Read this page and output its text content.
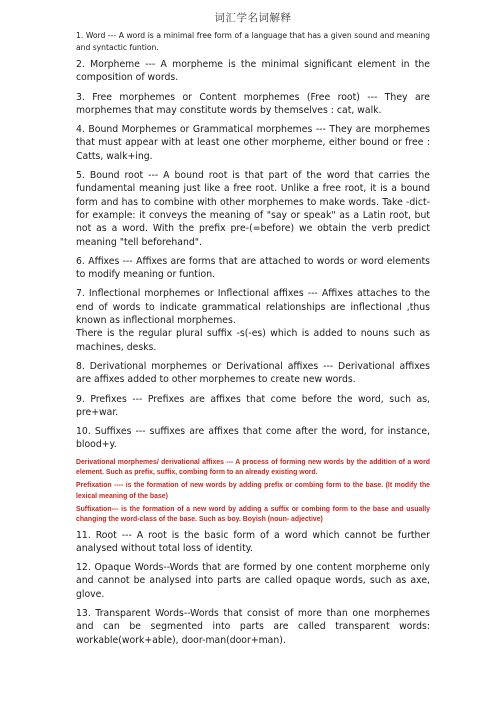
词汇学名词解释

1. Word --- A word is a minimal free form of a language that has a given sound and meaning and syntactic funtion.

2. Morpheme --- A morpheme is the minimal significant element in the composition of words.

3. Free morphemes or Content morphemes (Free root) --- They are morphemes that may constitute words by themselves : cat, walk.

4. Bound Morphemes or Grammatical morphemes --- They are morphemes that must appear with at least one other morpheme, either bound or free : Catts, walk+ing.

5. Bound root --- A bound root is that part of the word that carries the fundamental meaning just like a free root. Unlike a free root, it is a bound form and has to combine with other morphemes to make words. Take -dict- for example: it conveys the meaning of "say or speak" as a Latin root, but not as a word. With the prefix pre-(=before) we obtain the verb predict meaning "tell beforehand".

6. Affixes --- Affixes are forms that are attached to words or word elements to modify meaning or funtion.

7. Inflectional morphemes or Inflectional affixes --- Affixes attaches to the end of words to indicate grammatical relationships are inflectional ,thus known as inflectional morphemes.

There is the regular plural suffix -s(-es) which is added to nouns such as machines, desks.

8. Derivational morphemes or Derivational affixes --- Derivational affixes are affixes added to other morphemes to create new words.

9. Prefixes --- Prefixes are affixes that come before the word, such as, pre+war.

10. Suffixes --- suffixes are affixes that come after the word, for instance, blood+y.

Derivational morphemes/ derivational affixes --- A process of forming new words by the addition of a word element. Such as prefix, suffix, combing form to an already existing word.

Prefixation ---- is the formation of new words by adding prefix or combing form to the base. (It modify the lexical meaning of the base)

Suffixation--- is the formation of a new word by adding a suffix or combing form to the base and usually changing the word-class of the base. Such as boy. Boyish (noun- adjective)

11. Root --- A root is the basic form of a word which cannot be further analysed without total loss of identity.

12. Opaque Words--Words that are formed by one content morpheme only and cannot be analysed into parts are called opaque words, such as axe, glove.

13. Transparent Words--Words that consist of more than one morphemes and can be segmented into parts are called transparent words: workable(work+able), door-man(door+man).
